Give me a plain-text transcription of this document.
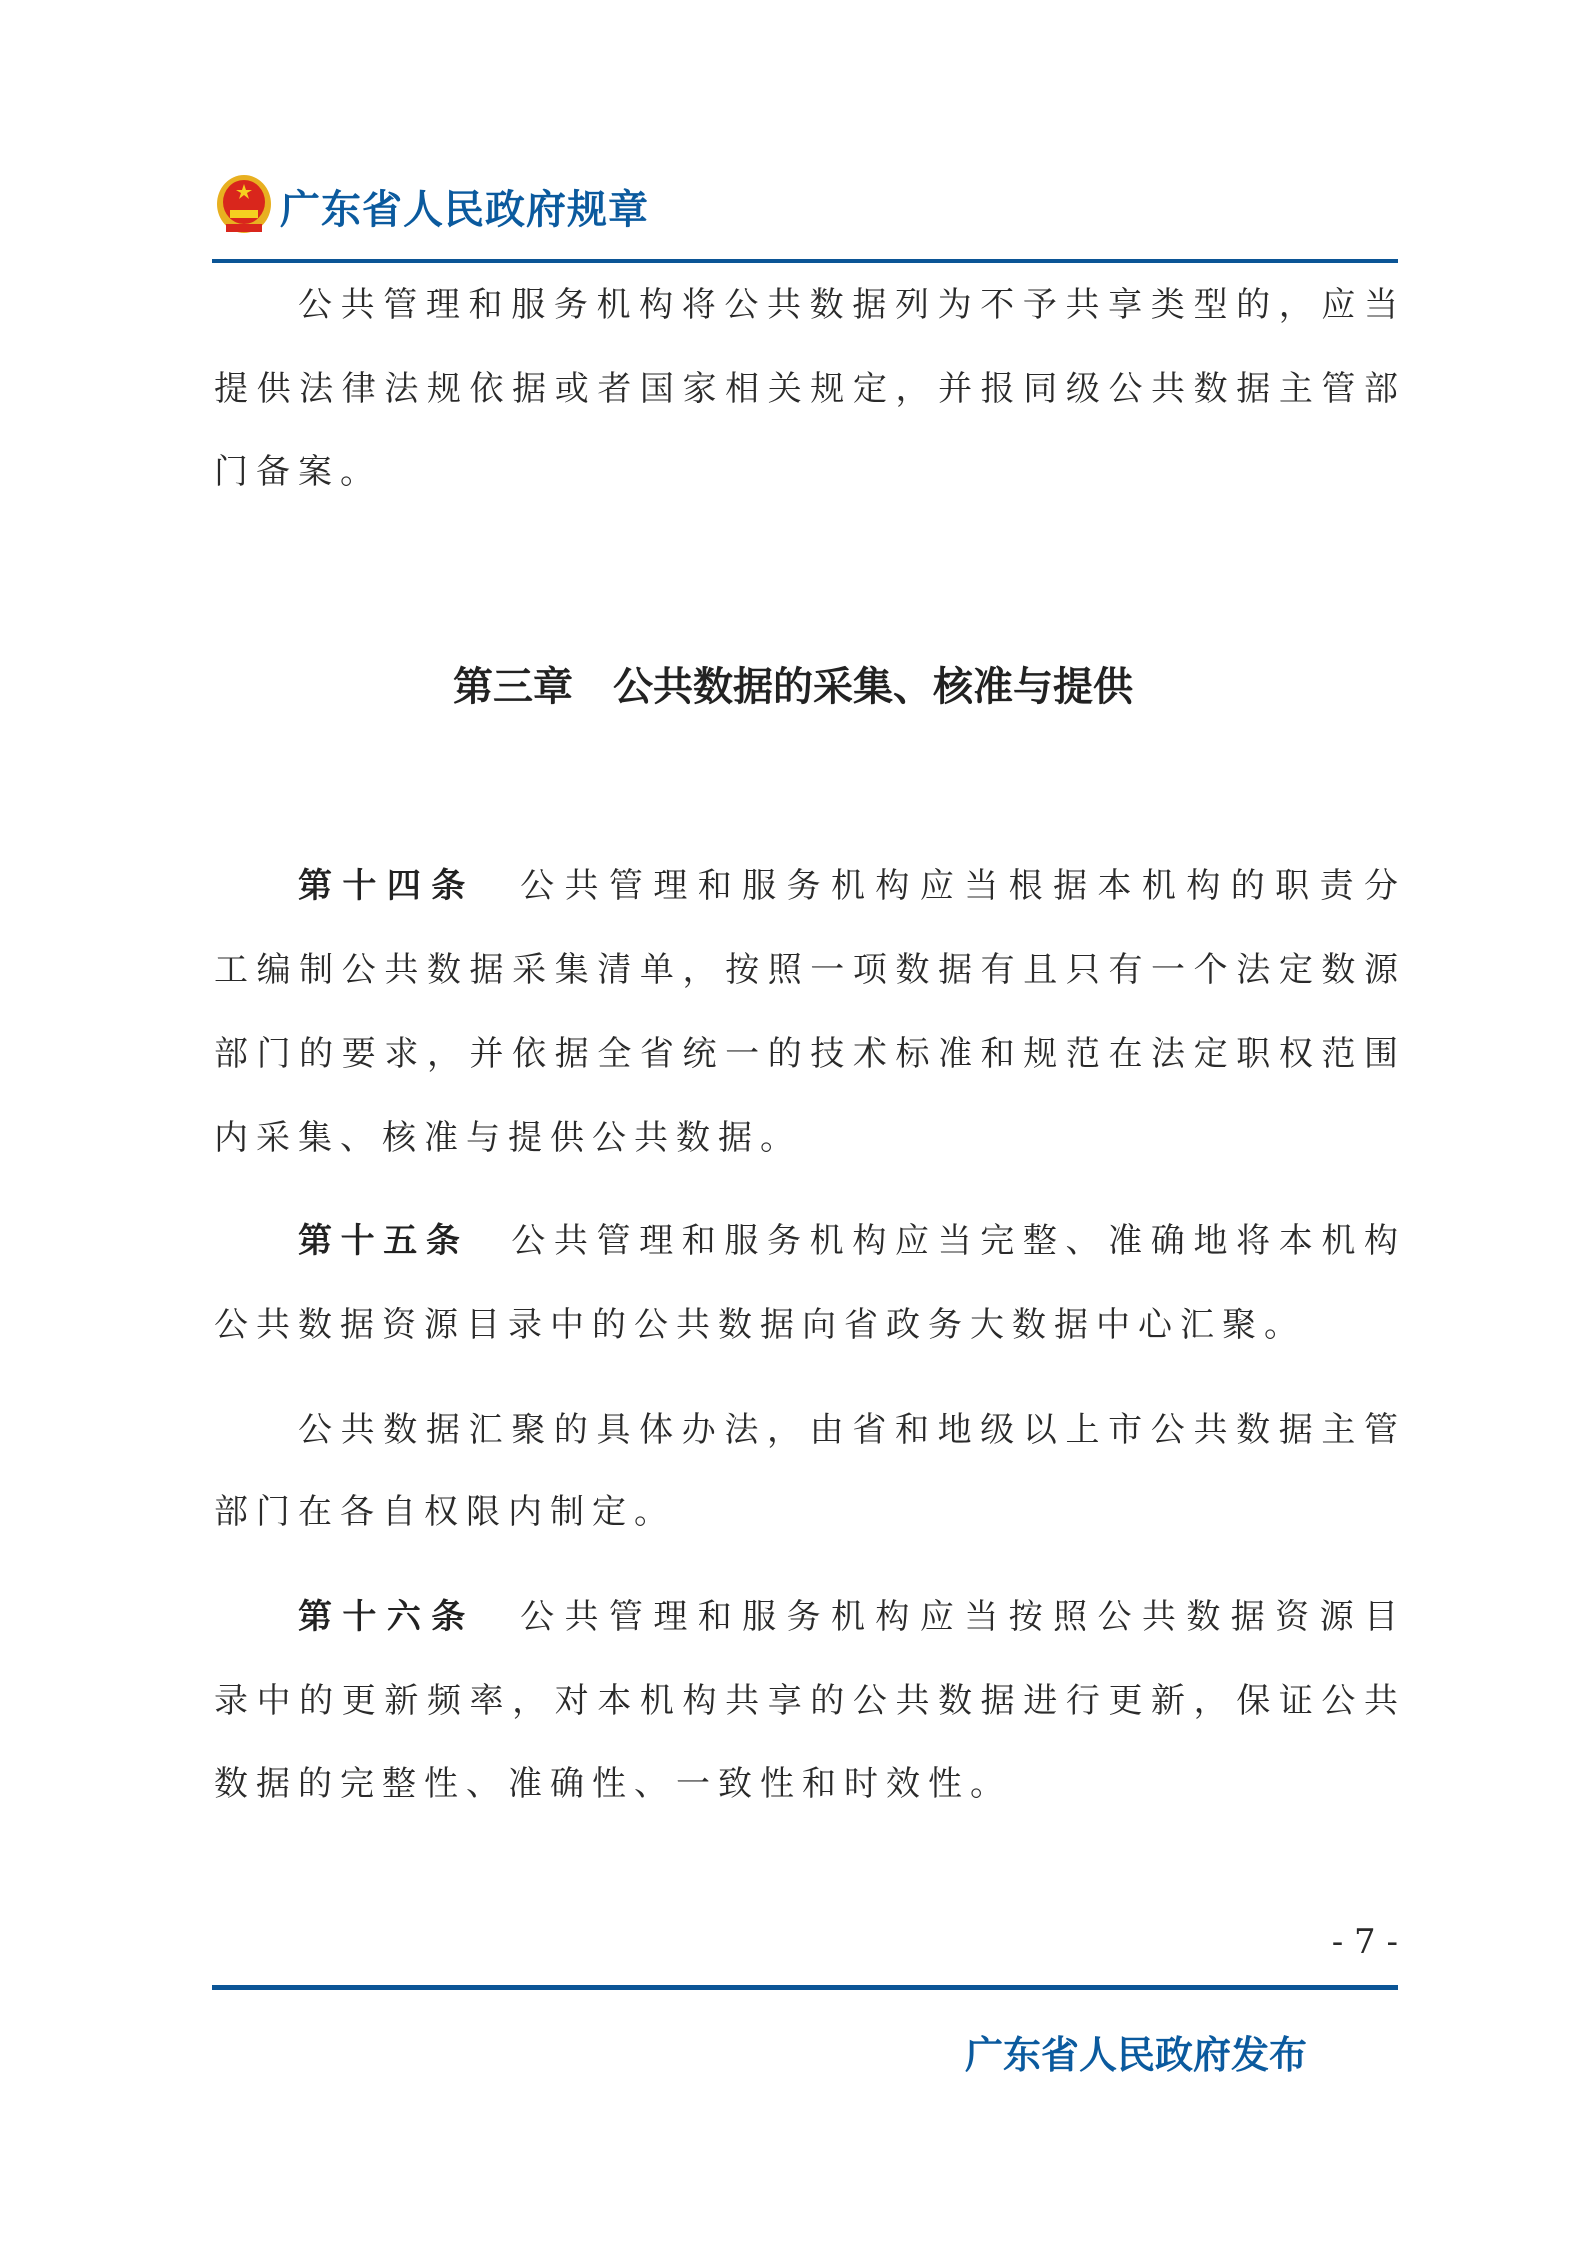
广东省人民政府规章
公共管理和服务机构将公共数据列为不予共享类型的，应当
提供法律法规依据或者国家相关规定，并报同级公共数据主管部
门备案。
第三章　公共数据的采集、核准与提供
第十四条　 公共管理和服务机构应当根据本机构的职责分
工编制公共数据采集清单，按照一项数据有且只有一个法定数源
部门的要求，并依据全省统一的技术标准和规范在法定职权范围
内采集、核准与提供公共数据。
第十五条　 公共管理和服务机构应当完整、准确地将本机构
公共数据资源目录中的公共数据向省政务大数据中心汇聚。
公共数据汇聚的具体办法，由省和地级以上市公共数据主管
部门在各自权限内制定。
第十六条　 公共管理和服务机构应当按照公共数据资源目
录中的更新频率，对本机构共享的公共数据进行更新，保证公共
数据的完整性、准确性、一致性和时效性。
- 7 -
广东省人民政府发布
